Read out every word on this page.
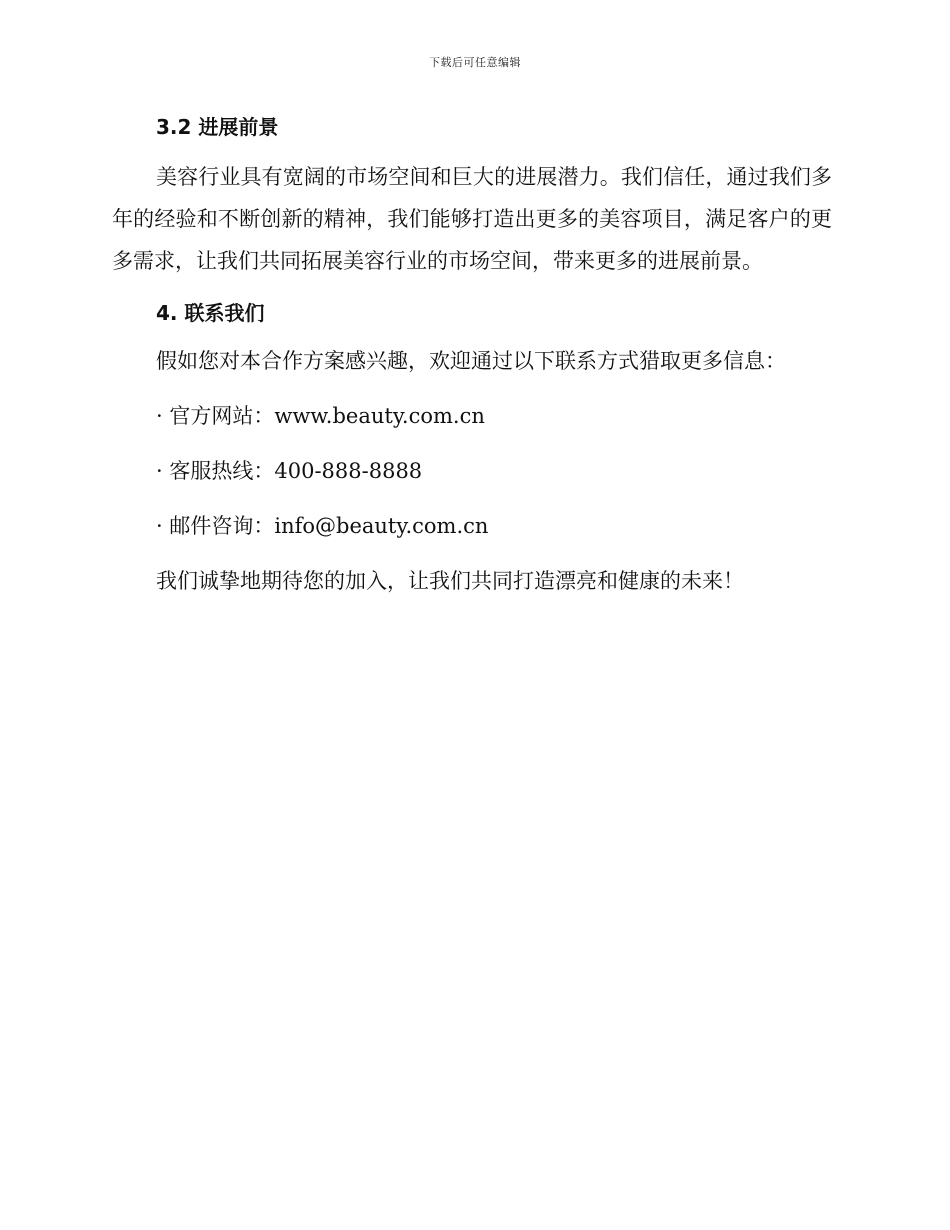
下载后可任意编辑
3.2 进展前景

美容行业具有宽阔的市场空间和巨大的进展潜力。我们信任，通过我们多年的经验和不断创新的精神，我们能够打造出更多的美容项目，满足客户的更多需求，让我们共同拓展美容行业的市场空间，带来更多的进展前景。

4. 联系我们

假如您对本合作方案感兴趣，欢迎通过以下联系方式猎取更多信息：

· 官方网站：www.beauty.com.cn

· 客服热线：400-888-8888

· 邮件咨询：info@beauty.com.cn

我们诚挚地期待您的加入，让我们共同打造漂亮和健康的未来！
